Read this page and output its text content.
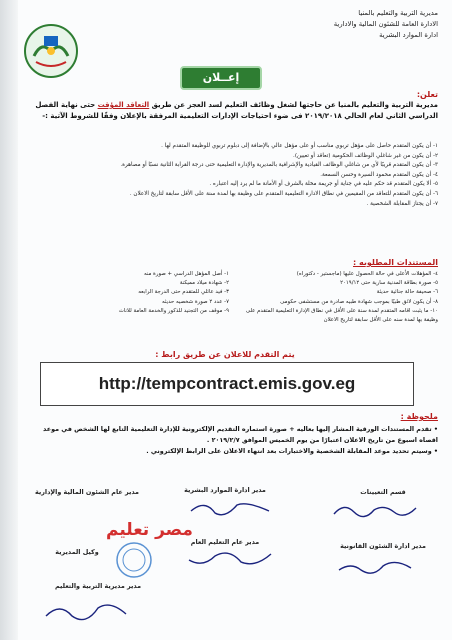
مديرية التربية والتعليم بالمنيا
الادارة العامة للشئون المالية والادارية
ادارة الموارد البشرية
إعــلان
تعلن:
مديرية التربية والتعليم بالمنيا عن حاجتها لشغل وظائف التعليم لسد العجز عن طريق التعاقد المؤقت حتى نهاية الفصل الدراسي الثاني لعام الحالي ٢٠١٩/٢٠١٨ فى ضوء احتياجات الإدارات التعليمية المرفقة بالإعلان وفقًا للشروط الآتية :-
١- أن يكون المتقدم حاصل على مؤهل تربوي مناسب أو على مؤهل عالي بالإضافة إلى دبلوم تربوي للوظيفة المتقدم لها .
٢- أن يكون من غير شاغلي الوظائف الحكومية (تعاقد أو تعيين).
٣- أن يكون المتقدم قريبًا لأي من شاغلي الوظائف القيادية والإشرافية بالمديرية والإدارة التعليمية حتى درجة القرابة الثانية نسبًا أو مصاهرة.
٤- أن يكون المتقدم محمود السيرة وحسن السمعة.
٥- ألا يكون المتقدم قد حكم عليه في جناية أو جريمة مخلة بالشرف أو الأمانة ما لم يرد إليه اعتباره .
٦- أن يكون المتقدم للتعاقد من المقيمين في نطاق الادارة التعليمية المتقدم على وظيفة بها لمدة سنة على الأقل سابقة لتاريخ الاعلان .
٧- أن يجتاز المقابلة الشخصية .
المستندات المطلوبه :
١- أصل المؤهل الدراسي + صورة منه
٢- شهادة ميلاد مميكنة
٣- فيد عائلي للمتقدم حتى الدرجة الرابعه
٧- عدد ٢ صورة شخصيه حديثه
٩- موقف من التجنيد للذكور والخدمة العامة للاناث
٤- المؤهلات الأعلى في حالة الحصول عليها (ماجستير - دكتوراه)
٥- صورة بطاقة المدنية سارية حتى ٢٠١٩/١٢
٦- صحيفة حالة جنائية حديثة
٨- أن يكون لائق طبيًا بموجب شهادة طبيه صادرة من مستشفى حكومى
١٠- ما يثبت اقامه المتقدم لمدة سنة على الأقل في نطاق الإدارة التعليمية المتقدم على وظيفة بها لمدة سنه على الأقل سابقة لتاريخ الاعلان
يتم التقدم للاعلان عن طريق رابط :
http://tempcontract.emis.gov.eg
ملحوظة :
• تقدم المستندات الورقية المشار إليها بعاليه + صورة استماره التقديم الإلكترونية للإدارة التعليمية التابع لها الشخص في موعد اقصاه اسبوع من تاريخ الاعلان اعتبارًا من يوم الخميس الموافق ٢٠١٩/٢/٧ .
• وسيتم تحديد موعد المقابلة الشخصية والاختبارات بعد انتهاء الاعلان على الرابط الإلكتروني .
قسم التعيينات
مدير ادارة الموارد البشرية
مدير عام الشئون المالية والإدارية
مدير ادارة الشئون القانونية
مدير عام التعليم العام
وكيل المديرية
مدير مديرية التربية والتعليم
مصر تعليم
